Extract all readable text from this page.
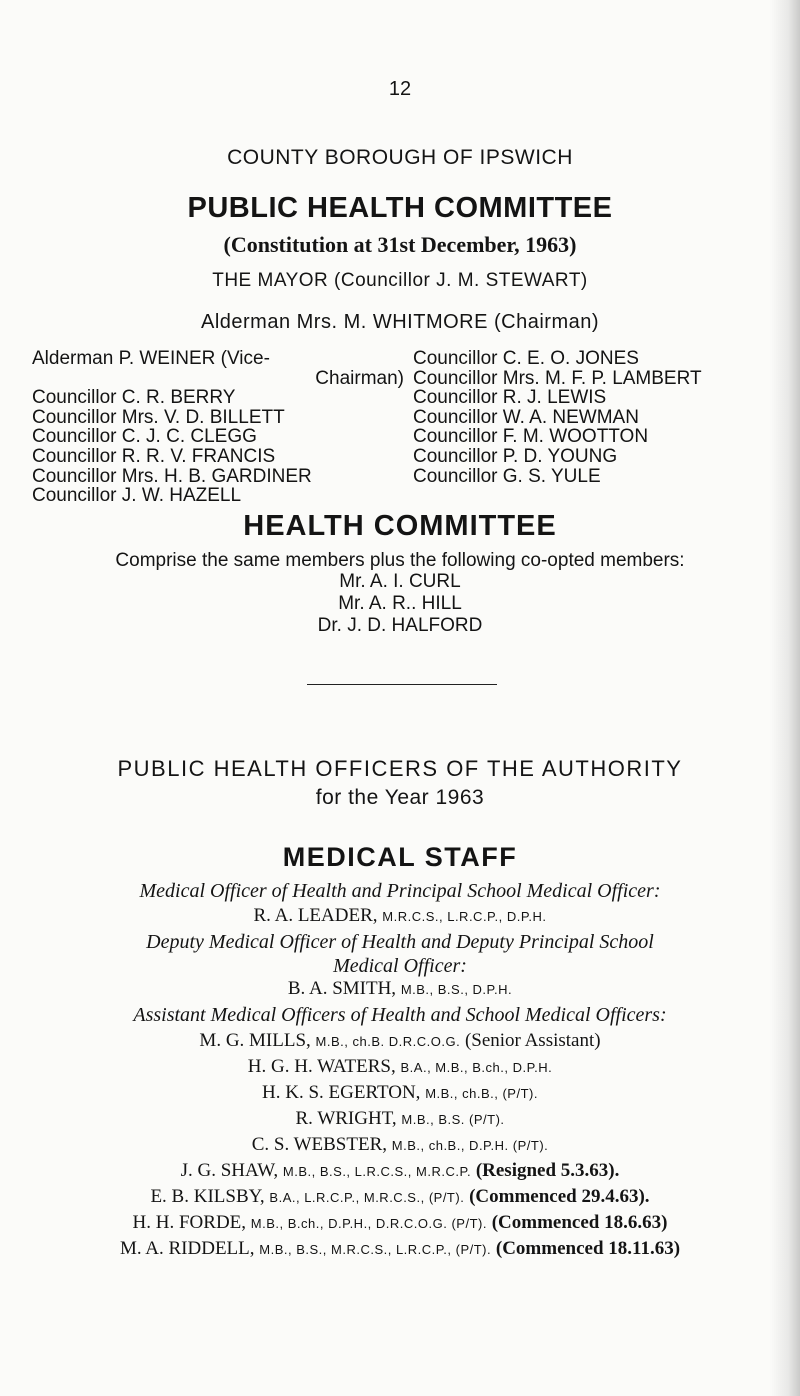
12
COUNTY BOROUGH OF IPSWICH
PUBLIC HEALTH COMMITTEE
(Constitution at 31st December, 1963)
THE MAYOR (Councillor J. M. STEWART)
Alderman Mrs. M. WHITMORE (Chairman)
Alderman P. WEINER (Vice-
Chairman)
Councillor C. R. BERRY
Councillor Mrs. V. D. BILLETT
Councillor C. J. C. CLEGG
Councillor R. R. V. FRANCIS
Councillor Mrs. H. B. GARDINER
Councillor J. W. HAZELL
Councillor C. E. O. JONES
Councillor Mrs. M. F. P. LAMBERT
Councillor R. J. LEWIS
Councillor W. A. NEWMAN
Councillor F. M. WOOTTON
Councillor P. D. YOUNG
Councillor G. S. YULE
HEALTH COMMITTEE
Comprise the same members plus the following co-opted members:
Mr. A. I. CURL
Mr. A. R.. HILL
Dr. J. D. HALFORD
PUBLIC HEALTH OFFICERS OF THE AUTHORITY
for the Year 1963
MEDICAL STAFF
Medical Officer of Health and Principal School Medical Officer:
R. A. LEADER, M.R.C.S., L.R.C.P., D.P.H.
Deputy Medical Officer of Health and Deputy Principal School
Medical Officer:
B. A. SMITH, M.B., B.S., D.P.H.
Assistant Medical Officers of Health and School Medical Officers:
M. G. MILLS, M.B., ch.B. D.R.C.O.G. (Senior Assistant)
H. G. H. WATERS, B.A., M.B., B.ch., D.P.H.
H. K. S. EGERTON, M.B., ch.B., (P/T).
R. WRIGHT, M.B., B.S. (P/T).
C. S. WEBSTER, M.B., ch.B., D.P.H. (P/T).
J. G. SHAW, M.B., B.S., L.R.C.S., M.R.C.P. (Resigned 5.3.63).
E. B. KILSBY, B.A., L.R.C.P., M.R.C.S., (P/T). (Commenced 29.4.63).
H. H. FORDE, M.B., B.ch., D.P.H., D.R.C.O.G. (P/T). (Commenced 18.6.63)
M. A. RIDDELL, M.B., B.S., M.R.C.S., L.R.C.P., (P/T). (Commenced 18.11.63)
